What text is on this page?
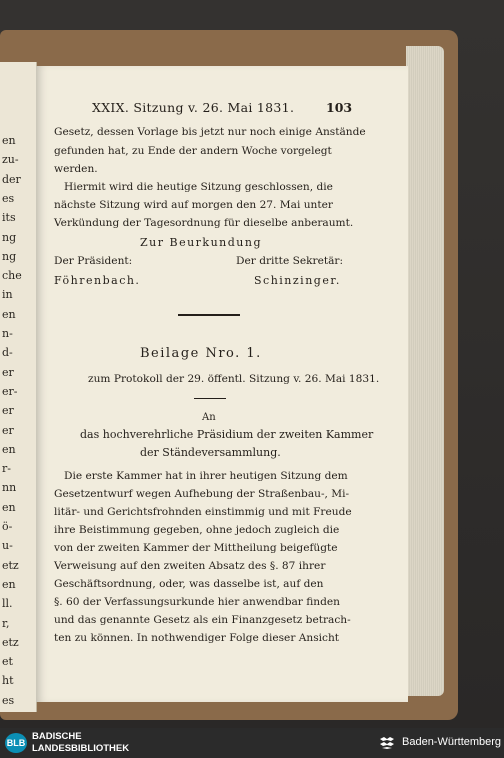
en
zu-
der
es
its
ng
ng
che
in
en
n-
d-
er
er-
er
er
en
r-
nn
en
ö-
u-
etz
en
ll.
r,
etz
et
ht
es
XXIX. Sitzung v. 26. Mai 1831.	103
Gesetz, dessen Vorlage bis jetzt nur noch einige Anstände
gefunden hat, zu Ende der andern Woche vorgelegt
werden.
Hiermit wird die heutige Sitzung geschlossen, die
nächste Sitzung wird auf morgen den 27. Mai unter
Verkündung der Tagesordnung für dieselbe anberaumt.
Zur Beurkundung
Der Präsident:	Der dritte Sekretär:
Föhrenbach.	Schinzinger.
Beilage Nro. 1.
zum Protokoll der 29. öffentl. Sitzung v. 26. Mai 1831.
An
das hochverehrliche Präsidium der zweiten Kammer
der Ständeversammlung.
Die erste Kammer hat in ihrer heutigen Sitzung dem
Gesetzentwurf wegen Aufhebung der Straßenbau-, Mi-
litär- und Gerichtsfrohnden einstimmig und mit Freude
ihre Beistimmung gegeben, ohne jedoch zugleich die
von der zweiten Kammer der Mittheilung beigefügte
Verweisung auf den zweiten Absatz des §. 87 ihrer
Geschäftsordnung, oder, was dasselbe ist, auf den
§. 60 der Verfassungsurkunde hier anwendbar finden
und das genannte Gesetz als ein Finanzgesetz betrach-
ten zu können. In nothwendiger Folge dieser Ansicht
BLB
BADISCHE
LANDESBIBLIOTHEK
Baden-Württemberg
